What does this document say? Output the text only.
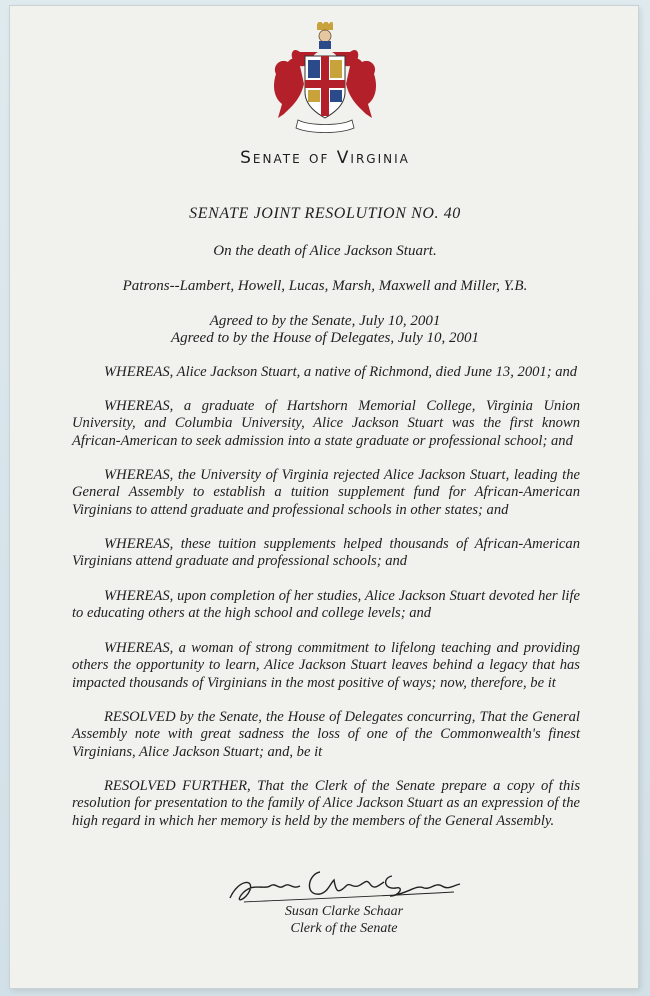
Senate of Virginia
SENATE JOINT RESOLUTION NO. 40
On the death of Alice Jackson Stuart.
Patrons--Lambert, Howell, Lucas, Marsh, Maxwell and Miller, Y.B.
Agreed to by the Senate, July 10, 2001
Agreed to by the House of Delegates, July 10, 2001
WHEREAS, Alice Jackson Stuart, a native of Richmond, died June 13, 2001; and
WHEREAS, a graduate of Hartshorn Memorial College, Virginia Union University, and Columbia University, Alice Jackson Stuart was the first known African-American to seek admission into a state graduate or professional school; and
WHEREAS, the University of Virginia rejected Alice Jackson Stuart, leading the General Assembly to establish a tuition supplement fund for African-American Virginians to attend graduate and professional schools in other states; and
WHEREAS, these tuition supplements helped thousands of African-American Virginians attend graduate and professional schools; and
WHEREAS, upon completion of her studies, Alice Jackson Stuart devoted her life to educating others at the high school and college levels; and
WHEREAS, a woman of strong commitment to lifelong teaching and providing others the opportunity to learn, Alice Jackson Stuart leaves behind a legacy that has impacted thousands of Virginians in the most positive of ways; now, therefore, be it
RESOLVED by the Senate, the House of Delegates concurring, That the General Assembly note with great sadness the loss of one of the Commonwealth's finest Virginians, Alice Jackson Stuart; and, be it
RESOLVED FURTHER, That the Clerk of the Senate prepare a copy of this resolution for presentation to the family of Alice Jackson Stuart as an expression of the high regard in which her memory is held by the members of the General Assembly.
Susan Clarke Schaar
Clerk of the Senate
